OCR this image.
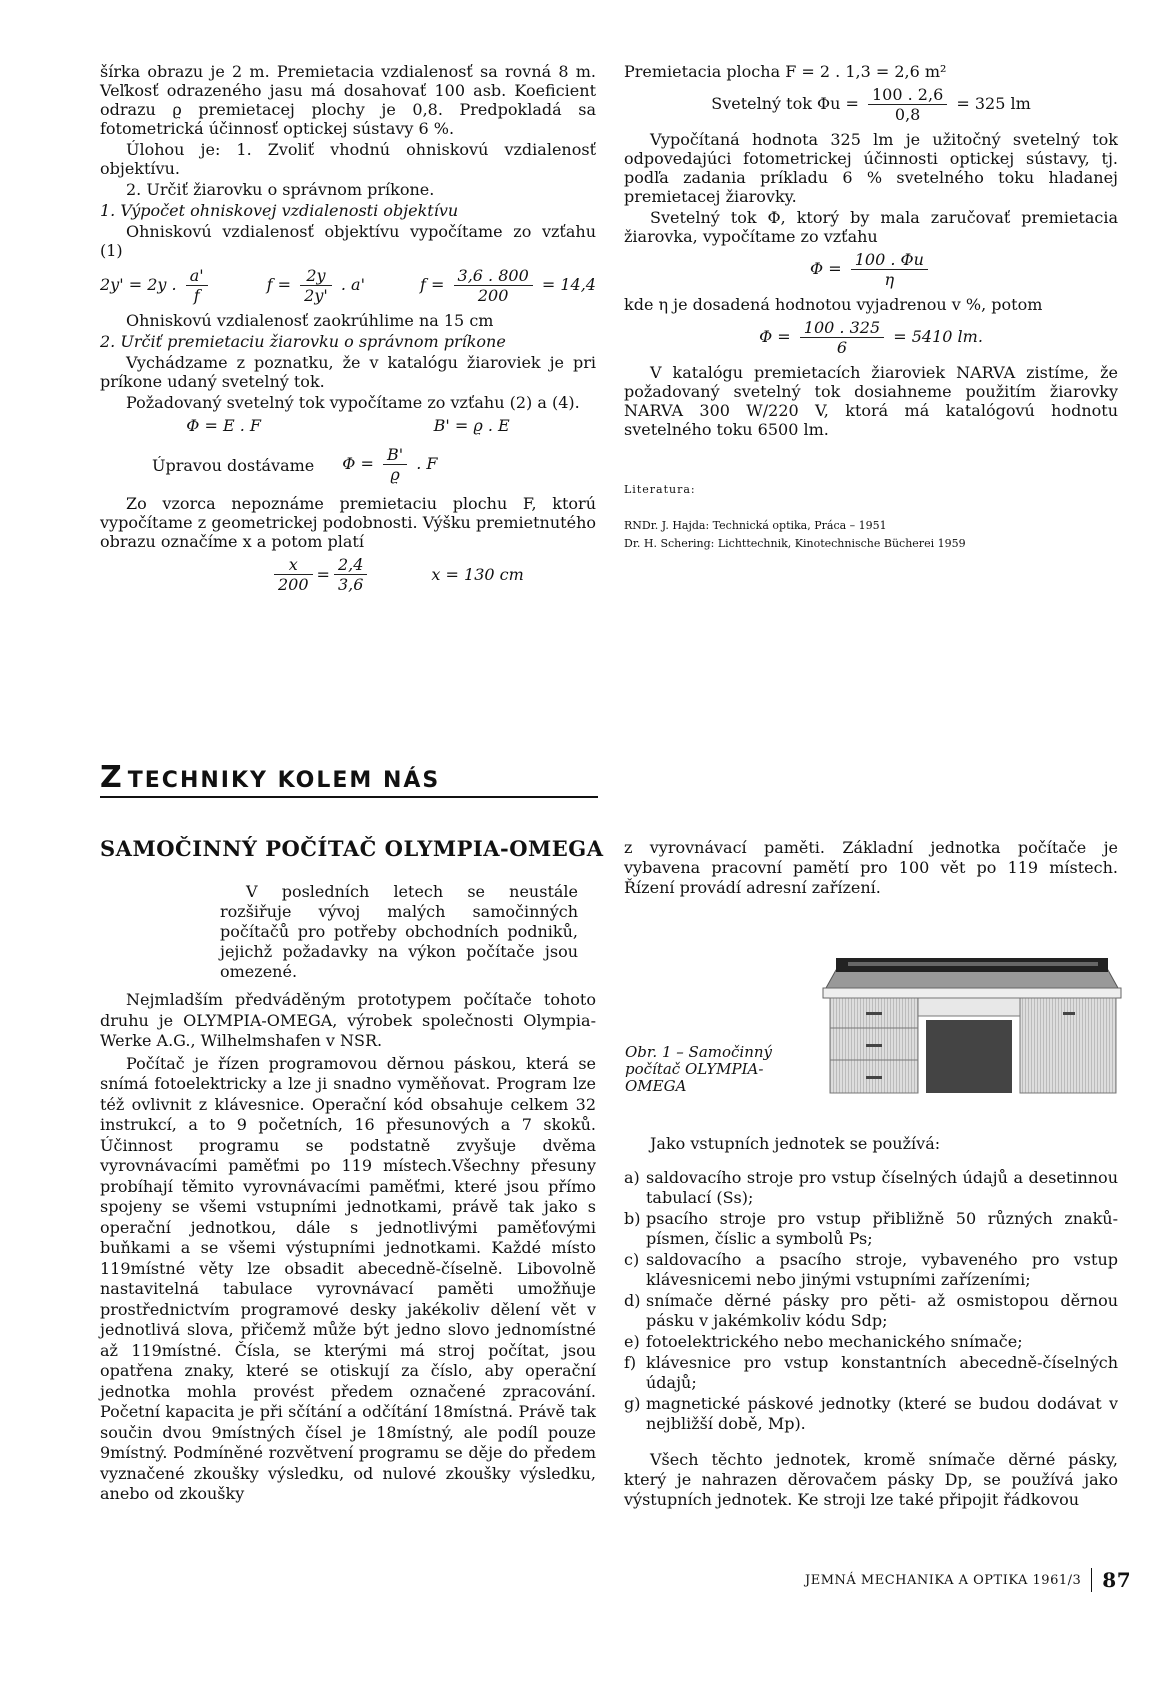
šírka obrazu je 2 m. Premietacia vzdialenosť sa rovná 8 m. Veľkosť odrazeného jasu má dosahovať 100 asb. Koeficient odrazu ϱ premietacej plochy je 0,8. Predpokladá sa fotometrická účinnosť optickej sústavy 6 %.

Úlohou je: 1. Zvoliť vhodnú ohniskovú vzdialenosť objektívu.

2. Určiť žiarovku o správnom príkone.

1. Výpočet ohniskovej vzdialenosti objektívu

Ohniskovú vzdialenosť objektívu vypočítame zo vzťahu (1)

2y' = 2y . $\frac{a'}{f}$	$f = \frac{2y}{2y'}$ . a'	$f = \frac{3,6 . 800}{200} = 14,4$

Ohniskovú vzdialenosť zaokrúhlime na 15 cm

2. Určiť premietaciu žiarovku o správnom príkone

Vychádzame z poznatku, že v katalógu žiaroviek je pri príkone udaný svetelný tok.

Požadovaný svetelný tok vypočítame zo vzťahu (2) a (4).

Φ = E . F	B' = ϱ . E
Úpravou dostávame $\Phi = \frac{B'}{ϱ}$ . F

Zo vzorca nepoznáme premietaciu plochu F, ktorú vypočítame z geometrickej podobnosti. Výšku premietnutého obrazu označíme x a potom platí

$\frac{x}{200} = \frac{2,4}{3,6}$	x = 130 cm

Premietacia plocha F = 2 . 1,3 = 2,6 m²

Svetelný tok $\Phi u = \frac{100 . 2,6}{0,8} = 325$ lm

Vypočítaná hodnota 325 lm je užitočný svetelný tok odpovedajúci fotometrickej účinnosti optickej sústavy, tj. podľa zadania príkladu 6 % svetelného toku hladanej premietacej žiarovky.

Svetelný tok Φ, ktorý by mala zaručovať premietacia žiarovka, vypočítame zo vzťahu

$\Phi = \frac{100 . \Phi u}{\eta}$

kde η je dosadená hodnotou vyjadrenou v %, potom

$\Phi = \frac{100 . 325}{6} = 5410$ lm.

V katalógu premietacích žiaroviek NARVA zistíme, že požadovaný svetelný tok dosiahneme použitím žiarovky NARVA 300 W/220 V, ktorá má katalógovú hodnotu svetelného toku 6500 lm.

Literatura:
RNDr. J. Hajda: Technická optika, Práca – 1951
Dr. H. Schering: Lichttechnik, Kinotechnische Bücherei 1959
Z TECHNIKY KOLEM NÁS
SAMOČINNÝ POČÍTAČ OLYMPIA-OMEGA
V posledních letech se neustále rozšiřuje vývoj malých samočinných počítačů pro potřeby obchodních podniků, jejichž požadavky na výkon počítače jsou omezené.

Nejmladším předváděným prototypem počítače tohoto druhu je OLYMPIA-OMEGA, výrobek společnosti Olympia-Werke A.G., Wilhelmshafen v NSR.

Počítač je řízen programovou děrnou páskou, která se snímá fotoelektricky a lze ji snadno vyměňovat. Program lze též ovlivnit z klávesnice. Operační kód obsahuje celkem 32 instrukcí, a to 9 početních, 16 přesunových a 7 skoků. Účinnost programu se podstatně zvyšuje dvěma vyrovnávacími paměťmi po 119 místech.Všechny přesuny probíhají těmito vyrovnávacími paměťmi, které jsou přímo spojeny se všemi vstupními jednotkami, právě tak jako s operační jednotkou, dále s jednotlivými paměťovými buňkami a se všemi výstupními jednotkami. Každé místo 119místné věty lze obsadit abecedně-číselně. Libovolně nastavitelná tabulace vyrovnávací paměti umožňuje prostřednictvím programové desky jakékoliv dělení vět v jednotlivá slova, přičemž může být jedno slovo jednomístné až 119místné. Čísla, se kterými má stroj počítat, jsou opatřena znaky, které se otiskují za číslo, aby operační jednotka mohla provést předem označené zpracování. Početní kapacita je při sčítání a odčítání 18místná. Právě tak součin dvou 9místných čísel je 18místný, ale podíl pouze 9místný. Podmíněné rozvětvení programu se děje do předem vyznačené zkoušky výsledku, od nulové zkoušky výsledku, anebo od zkoušky

z vyrovnávací paměti. Základní jednotka počítače je vybavena pracovní pamětí pro 100 vět po 119 místech. Řízení provádí adresní zařízení.

Obr. 1 – Samočinný počítač OLYMPIA-OMEGA

Jako vstupních jednotek se používá:

a) saldovacího stroje pro vstup číselných údajů a desetinnou tabulací (Ss);
b) psacího stroje pro vstup přibližně 50 různých znaků-písmen, číslic a symbolů Ps;
c) saldovacího a psacího stroje, vybaveného pro vstup klávesnicemi nebo jinými vstupními zařízeními;
d) snímače děrné pásky pro pěti- až osmistopou děrnou pásku v jakémkoliv kódu Sdp;
e) fotoelektrického nebo mechanického snímače;
f) klávesnice pro vstup konstantních abecedně-číselných údajů;
g) magnetické páskové jednotky (které se budou dodávat v nejbližší době, Mp).

Všech těchto jednotek, kromě snímače děrné pásky, který je nahrazen děrovačem pásky Dp, se používá jako výstupních jednotek. Ke stroji lze také připojit řádkovou

JEMNÁ MECHANIKA A OPTIKA 1961/3 87
